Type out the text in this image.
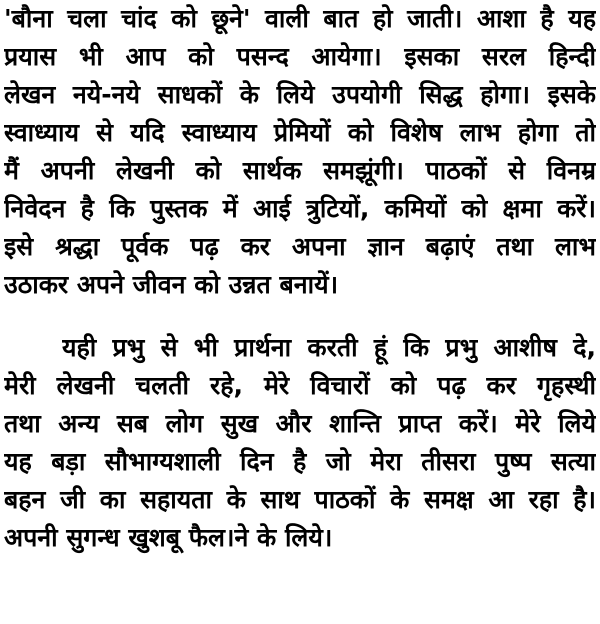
'बौना चला चांद को छूने' वाली बात हो जाती। आशा है यह
प्रयास भी आप को पसन्द आयेगा। इसका सरल हिन्दी
लेखन नये-नये साधकों के लिये उपयोगी सिद्ध होगा। इसके
स्वाध्याय से यदि स्वाध्याय प्रेमियों को विशेष लाभ होगा तो
मैं अपनी लेखनी को सार्थक समझूंगी। पाठकों से विनम्र
निवेदन है कि पुस्तक में आई त्रुटियों, कमियों को क्षमा करें।
इसे श्रद्धा पूर्वक पढ़ कर अपना ज्ञान बढ़ाएं तथा लाभ
उठाकर अपने जीवन को उन्नत बनायें।
यही प्रभु से भी प्रार्थना करती हूं कि प्रभु आशीष दे,
मेरी लेखनी चलती रहे, मेरे विचारों को पढ़ कर गृहस्थी
तथा अन्य सब लोग सुख और शान्ति प्राप्त करें। मेरे लिये
यह बड़ा सौभाग्यशाली दिन है जो मेरा तीसरा पुष्प सत्या
बहन जी का सहायता के साथ पाठकों के समक्ष आ रहा है।
अपनी सुगन्ध खुशबू फैल।ने के लिये।
